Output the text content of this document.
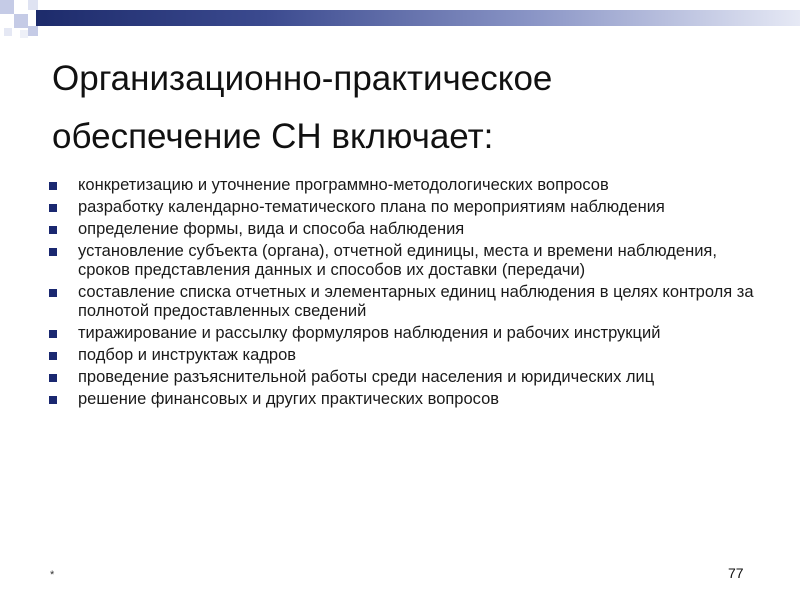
Организационно-практическое обеспечение СН включает:
конкретизацию и уточнение программно-методологических вопросов
разработку календарно-тематического плана по мероприятиям наблюдения
определение формы, вида и способа наблюдения
установление субъекта (органа), отчетной единицы, места и времени наблюдения, сроков представления данных и способов их доставки (передачи)
составление списка отчетных и элементарных единиц наблюдения в целях контроля за полнотой предоставленных сведений
тиражирование и рассылку формуляров наблюдения и рабочих инструкций
подбор и инструктаж кадров
проведение разъяснительной работы среди населения и юридических лиц
решение финансовых и других практических вопросов
*	77
